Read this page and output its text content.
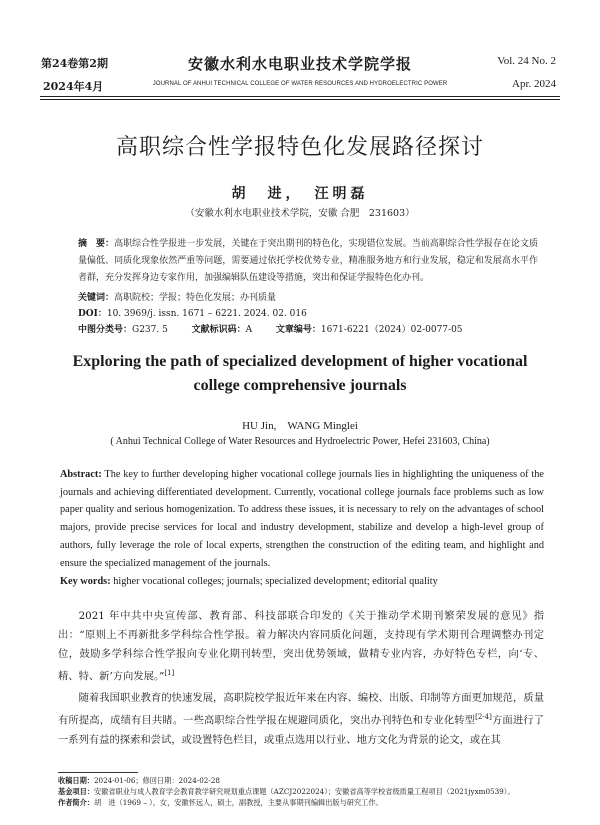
第24卷第2期
2024年4月
安徽水利水电职业技术学院学报
JOURNAL OF ANHUI TECHNICAL COLLEGE OF WATER RESOURCES AND HYDROELECTRIC POWER
Vol. 24 No. 2
Apr. 2024
高职综合性学报特色化发展路径探讨
胡　进，　汪明磊
（安徽水利水电职业技术学院，安徽 合肥　231603）
摘　要：高职综合性学报进一步发展，关键在于突出期刊的特色化，实现错位发展。当前高职综合性学报存在论文质量偏低、同质化现象依然严重等问题，需要通过依托学校优势专业，精准服务地方和行业发展，稳定和发展高水平作者群，充分发挥身边专家作用，加强编辑队伍建设等措施，突出和保证学报特色化办刊。
关键词：高职院校；学报；特色化发展；办刊质量
DOI：10. 3969/j. issn. 1671 – 6221. 2024. 02. 016
中图分类号：G237. 5	文献标识码：A	文章编号：1671-6221（2024）02-0077-05
Exploring the path of specialized development of higher vocational college comprehensive journals
HU Jin,　WANG Minglei
( Anhui Technical College of Water Resources and Hydroelectric Power, Hefei 231603, China)
Abstract: The key to further developing higher vocational college journals lies in highlighting the uniqueness of the journals and achieving differentiated development. Currently, vocational college journals face problems such as low paper quality and serious homogenization. To address these issues, it is necessary to rely on the advantages of school majors, provide precise services for local and industry development, stabilize and develop a high-level group of authors, fully leverage the role of local experts, strengthen the construction of the editing team, and highlight and ensure the specialized management of the journals.
Key words: higher vocational colleges; journals; specialized development; editorial quality

2021 年中共中央宣传部、教育部、科技部联合印发的《关于推动学术期刊繁荣发展的意见》指出：“原则上不再新批多学科综合性学报。着力解决内容同质化问题，支持现有学术期刊合理调整办刊定位，鼓励多学科综合性学报向专业化期刊转型，突出优势领域，做精专业内容，办好特色专栏，向‘专、精、特、新’方向发展。”[1]

随着我国职业教育的快速发展，高职院校学报近年来在内容、编校、出版、印制等方面更加规范，质量有所提高，成绩有目共睹。一些高职综合性学报在规避同质化，突出办刊特色和专业化转型[2-4]方面进行了一系列有益的探索和尝试，或设置特色栏目，或重点选用以行业、地方文化为背景的论文，或在其

收稿日期：2024-01-06；修回日期：2024-02-28
基金项目：安徽省职业与成人教育学会教育教学研究规划重点课题（AZCJ2022024）；安徽省高等学校省级质量工程项目（2021jyxm0539）。
作者简介：胡　进（1969 – ），女，安徽怀远人，硕士，副教授，主要从事期刊编辑出版与研究工作。
